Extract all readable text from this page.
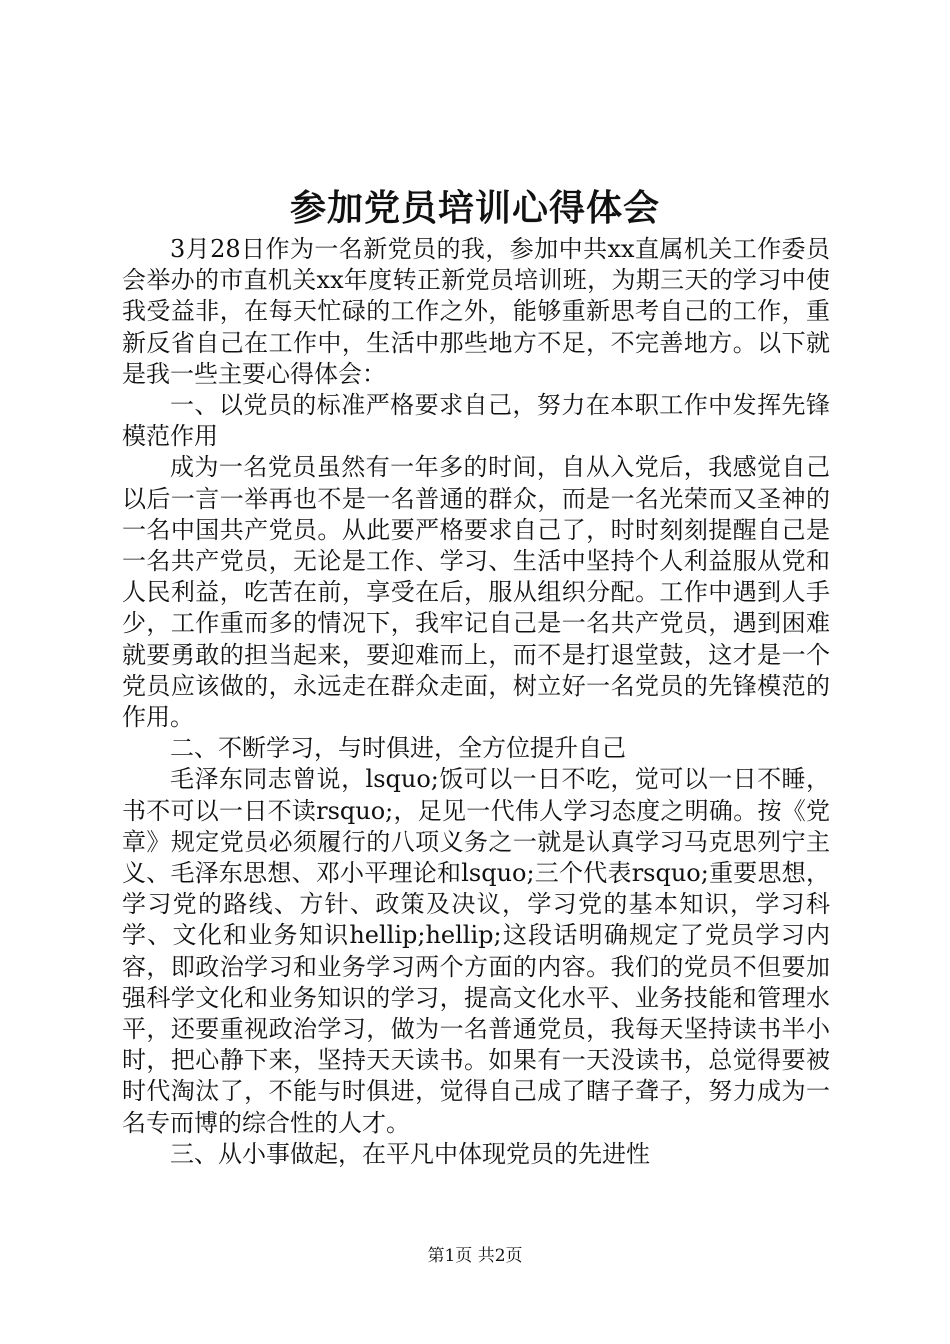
参加党员培训心得体会

3月28日作为一名新党员的我，参加中共xx直属机关工作委员会举办的市直机关xx年度转正新党员培训班，为期三天的学习中使我受益非，在每天忙碌的工作之外，能够重新思考自己的工作，重新反省自己在工作中，生活中那些地方不足，不完善地方。以下就是我一些主要心得体会：

一、以党员的标准严格要求自己，努力在本职工作中发挥先锋模范作用

成为一名党员虽然有一年多的时间，自从入党后，我感觉自己以后一言一举再也不是一名普通的群众，而是一名光荣而又圣神的一名中国共产党员。从此要严格要求自己了，时时刻刻提醒自己是一名共产党员，无论是工作、学习、生活中坚持个人利益服从党和人民利益，吃苦在前，享受在后，服从组织分配。工作中遇到人手少，工作重而多的情况下，我牢记自己是一名共产党员，遇到困难就要勇敢的担当起来，要迎难而上，而不是打退堂鼓，这才是一个党员应该做的，永远走在群众走面，树立好一名党员的先锋模范的作用。

二、不断学习，与时俱进，全方位提升自己

毛泽东同志曾说，lsquo;饭可以一日不吃，觉可以一日不睡，书不可以一日不读rsquo;，足见一代伟人学习态度之明确。按《党章》规定党员必须履行的八项义务之一就是认真学习马克思列宁主义、毛泽东思想、邓小平理论和lsquo;三个代表rsquo;重要思想，学习党的路线、方针、政策及决议，学习党的基本知识，学习科学、文化和业务知识hellip;hellip;这段话明确规定了党员学习内容，即政治学习和业务学习两个方面的内容。我们的党员不但要加强科学文化和业务知识的学习，提高文化水平、业务技能和管理水平，还要重视政治学习，做为一名普通党员，我每天坚持读书半小时，把心静下来，坚持天天读书。如果有一天没读书，总觉得要被时代淘汰了，不能与时俱进，觉得自己成了瞎子聋子，努力成为一名专而博的综合性的人才。

三、从小事做起，在平凡中体现党员的先进性

第1页 共2页
